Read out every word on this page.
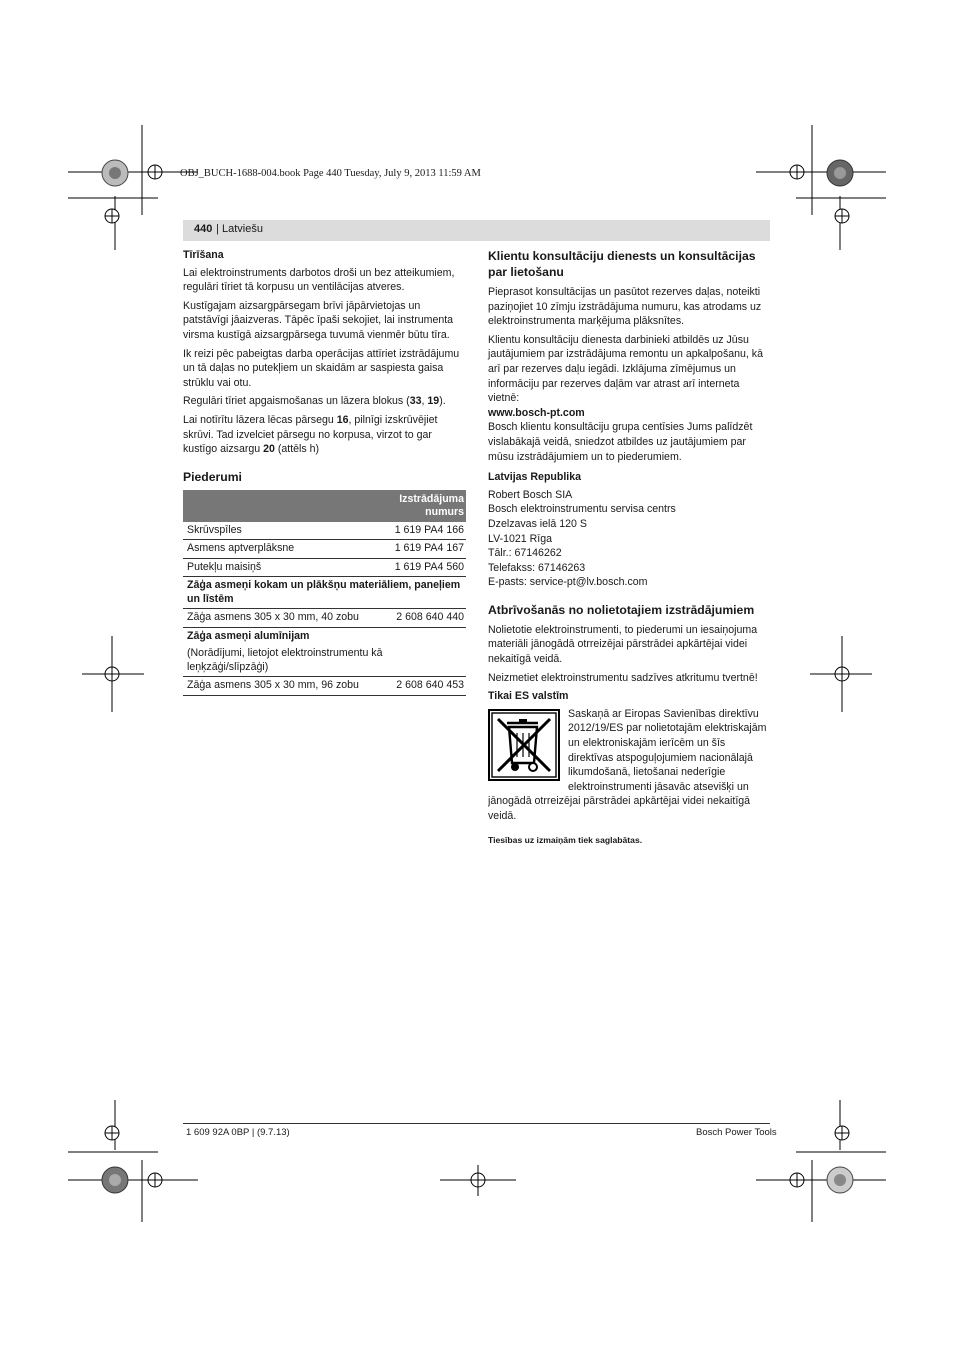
OBJ_BUCH-1688-004.book Page 440 Tuesday, July 9, 2013 11:59 AM
440 | Latviešu
Tīrīšana

Lai elektroinstruments darbotos droši un bez atteikumiem, regulāri tīriet tā korpusu un ventilācijas atveres.

Kustīgajam aizsargpārsegam brīvi jāpārvietojas un patstāvīgi jāaizveras. Tāpēc īpaši sekojiet, lai instrumenta virsma kustīgā aizsargpārsega tuvumā vienmēr būtu tīra.

Ik reizi pēc pabeigtas darba operācijas attīriet izstrādājumu un tā daļas no putekļiem un skaidām ar saspiesta gaisa strūklu vai otu.

Regulāri tīriet apgaismošanas un lāzera blokus (33, 19).

Lai notīrītu lāzera lēcas pārsegu 16, pilnīgi izskrūvējiet skrūvi. Tad izvelciet pārsegu no korpusa, virzot to gar kustīgo aizsargu 20 (attēls h)

Piederumi
Izstrādājuma
numurs	
Skrūvspīles	1 619 PA4 166
Asmens aptverplāksne	1 619 PA4 167
Putekļu maisiņš	1 619 PA4 560
Zāģa asmeņi kokam un plākšņu materiāliem, paneļiem un līstēm	
Zāģa asmens 305 x 30 mm, 40 zobu	2 608 640 440
Zāģa asmeņi alumīnijam	
(Norādījumi, lietojot elektroinstrumentu kā leņķzāģi/slīpzāģi)	
Zāģa asmens 305 x 30 mm, 96 zobu	2 608 640 453
Klientu konsultāciju dienests un konsultācijas par lietošanu

Pieprasot konsultācijas un pasūtot rezerves daļas, noteikti paziņojiet 10 zīmju izstrādājuma numuru, kas atrodams uz elektroinstrumenta marķējuma plāksnītes.

Klientu konsultāciju dienesta darbinieki atbildēs uz Jūsu jautājumiem par izstrādājuma remontu un apkalpošanu, kā arī par rezerves daļu iegādi. Izklājuma zīmējumus un informāciju par rezerves daļām var atrast arī interneta vietnē:

www.bosch-pt.com

Bosch klientu konsultāciju grupa centīsies Jums palīdzēt vislabākajā veidā, sniedzot atbildes uz jautājumiem par mūsu izstrādājumiem un to piederumiem.

Latvijas Republika
Robert Bosch SIA
Bosch elektroinstrumentu servisa centrs
Dzelzavas ielā 120 S
LV-1021 Rīga
Tālr.: 67146262
Telefakss: 67146263
E-pasts: service-pt@lv.bosch.com
Atbrīvošanās no nolietotajiem izstrādājumiem

Nolietotie elektroinstrumenti, to piederumi un iesaiņojuma materiāli jānogādā otrreizējai pārstrādei apkārtējai videi nekaitīgā veidā.

Neizmetiet elektroinstrumentu sadzīves atkritumu tvertnē!

Tikai ES valstīm
Saskaņā ar Eiropas Savienības direktīvu 2012/19/ES par nolietotajām elektriskajām un elektroniskajām ierīcēm un šīs direktīvas atspoguļojumiem nacionālajā likumdošanā, lietošanai nederīgie elektroinstrumenti jāsavāc atsevišķi un jānogādā otrreizējai pārstrādei apkārtējai videi nekaitīgā veidā.
Tiesības uz izmaiņām tiek saglabātas.
1 609 92A 0BP | (9.7.13)	Bosch Power Tools
